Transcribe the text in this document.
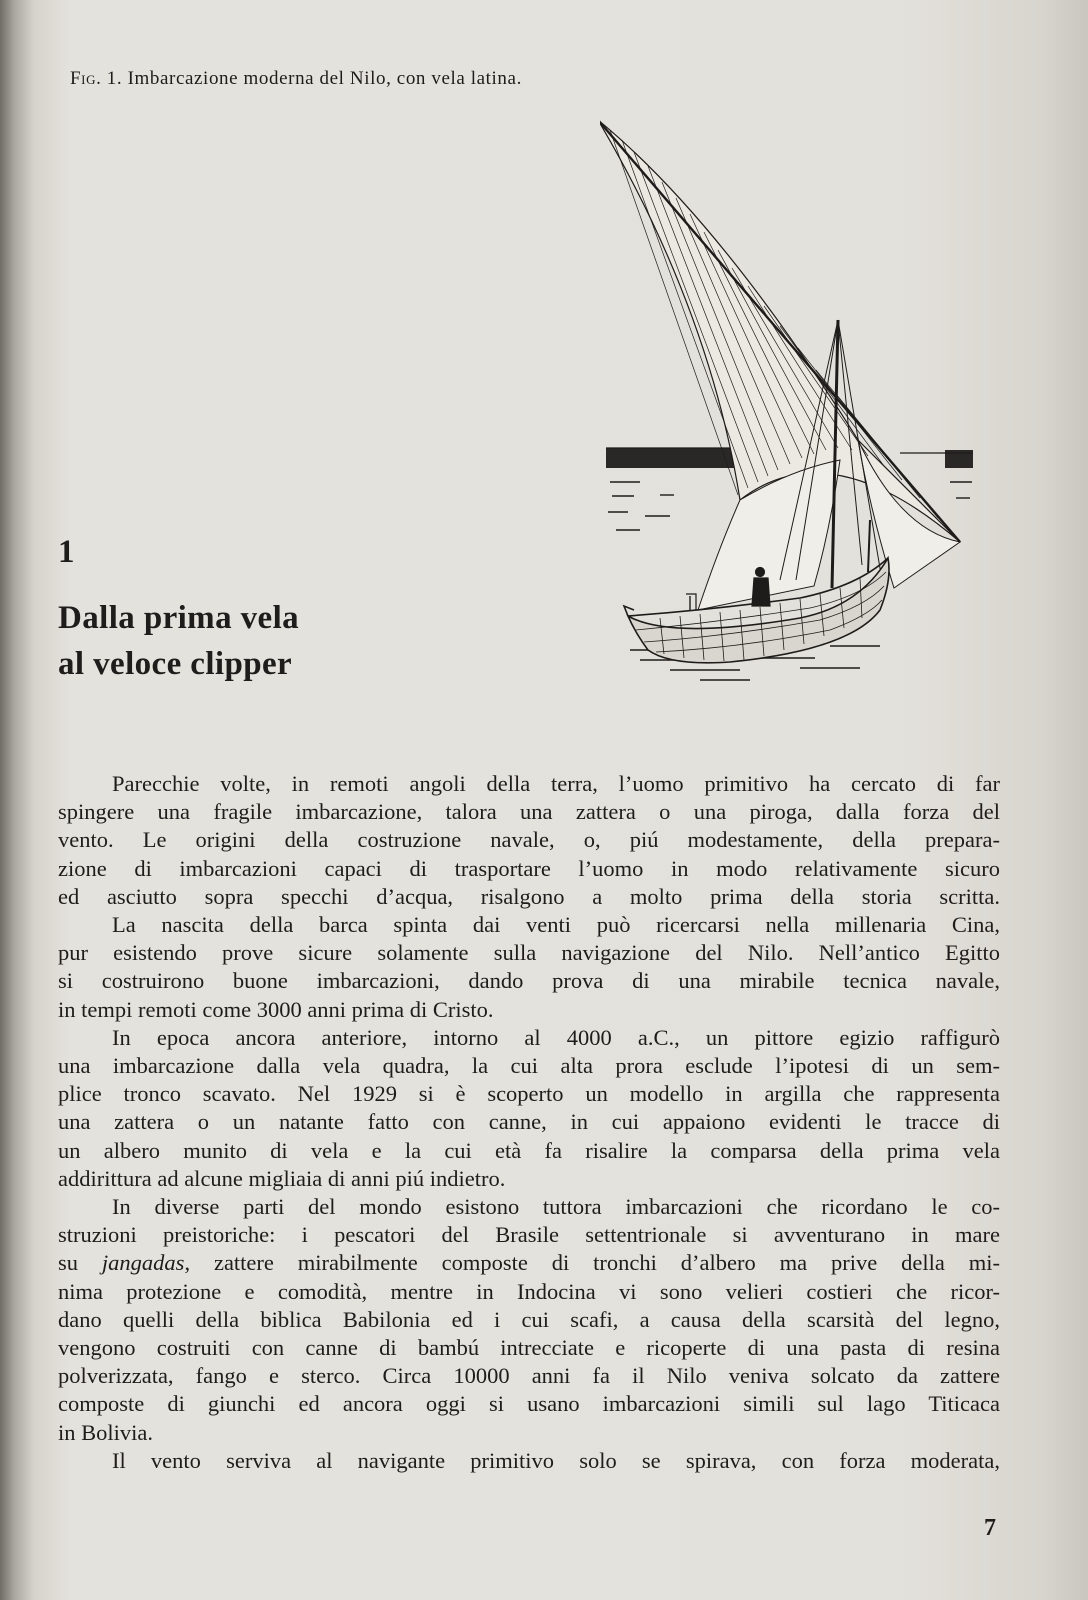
Fig. 1. Imbarcazione moderna del Nilo, con vela latina.
1
Dalla prima vela
al veloce clipper

Parecchie volte, in remoti angoli della terra, l’uomo primitivo ha cercato di far
spingere una fragile imbarcazione, talora una zattera o una piroga, dalla forza del
vento. Le origini della costruzione navale, o, piú modestamente, della prepara-
zione di imbarcazioni capaci di trasportare l’uomo in modo relativamente sicuro
ed asciutto sopra specchi d’acqua, risalgono a molto prima della storia scritta.

La nascita della barca spinta dai venti può ricercarsi nella millenaria Cina,
pur esistendo prove sicure solamente sulla navigazione del Nilo. Nell’antico Egitto
si costruirono buone imbarcazioni, dando prova di una mirabile tecnica navale,
in tempi remoti come 3000 anni prima di Cristo.

In epoca ancora anteriore, intorno al 4000 a.C., un pittore egizio raffigurò
una imbarcazione dalla vela quadra, la cui alta prora esclude l’ipotesi di un sem-
plice tronco scavato. Nel 1929 si è scoperto un modello in argilla che rappresenta
una zattera o un natante fatto con canne, in cui appaiono evidenti le tracce di
un albero munito di vela e la cui età fa risalire la comparsa della prima vela
addirittura ad alcune migliaia di anni piú indietro.

In diverse parti del mondo esistono tuttora imbarcazioni che ricordano le co-
struzioni preistoriche: i pescatori del Brasile settentrionale si avventurano in mare
su jangadas, zattere mirabilmente composte di tronchi d’albero ma prive della mi-
nima protezione e comodità, mentre in Indocina vi sono velieri costieri che ricor-
dano quelli della biblica Babilonia ed i cui scafi, a causa della scarsità del legno,
vengono costruiti con canne di bambú intrecciate e ricoperte di una pasta di resina
polverizzata, fango e sterco. Circa 10000 anni fa il Nilo veniva solcato da zattere
composte di giunchi ed ancora oggi si usano imbarcazioni simili sul lago Titicaca
in Bolivia.

Il vento serviva al navigante primitivo solo se spirava, con forza moderata,

7
